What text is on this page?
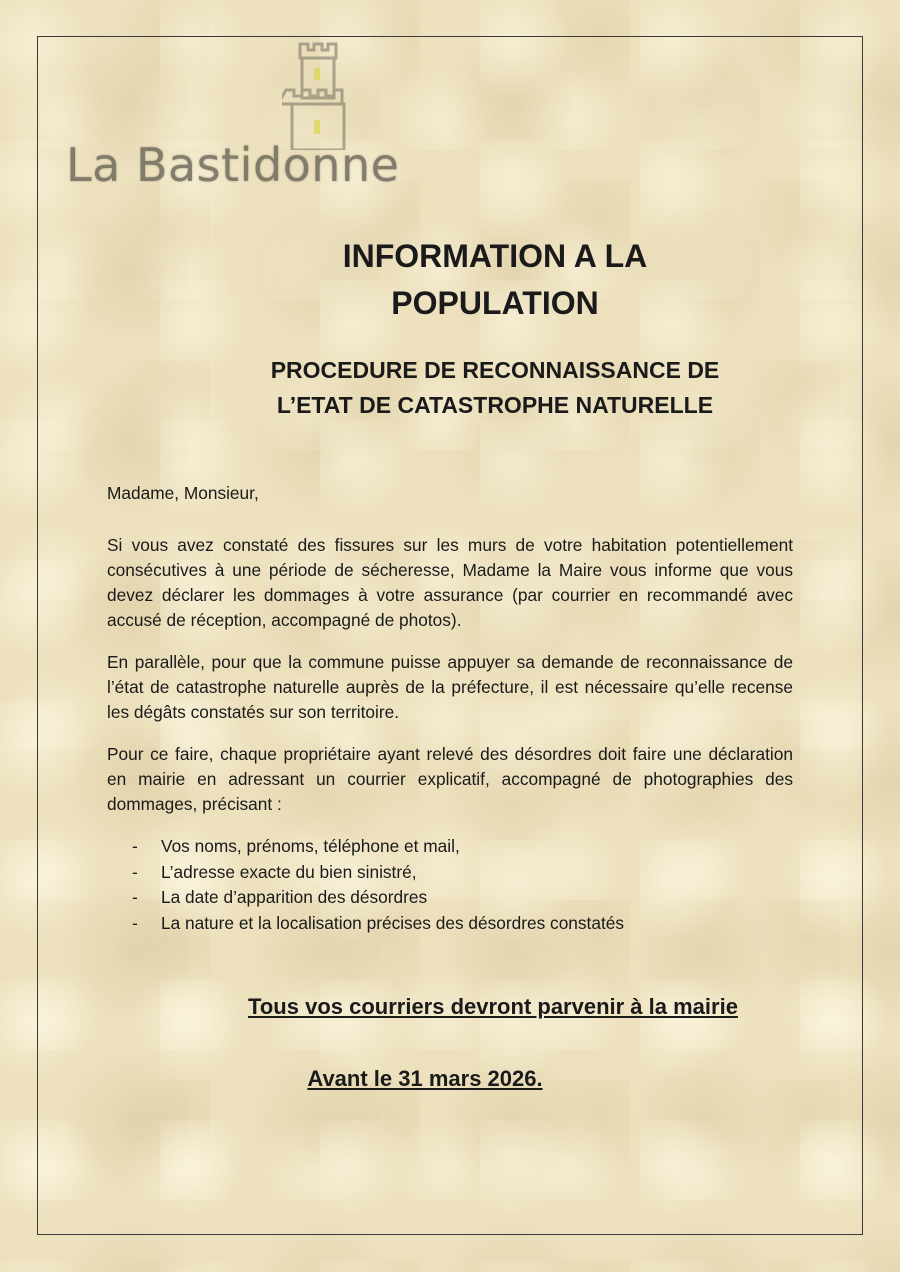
La Bastidonne
INFORMATION A LA
POPULATION
PROCEDURE DE RECONNAISSANCE DE
L’ETAT DE CATASTROPHE NATURELLE

Madame, Monsieur,

Si vous avez constaté des fissures sur les murs de votre habitation potentiellement consécutives à une période de sécheresse, Madame la Maire vous informe que vous devez déclarer les dommages à votre assurance (par courrier en recommandé avec accusé de réception, accompagné de photos).

En parallèle, pour que la commune puisse appuyer sa demande de reconnaissance de l’état de catastrophe naturelle auprès de la préfecture, il est nécessaire qu’elle recense les dégâts constatés sur son territoire.

Pour ce faire, chaque propriétaire ayant relevé des désordres doit faire une déclaration en mairie en adressant un courrier explicatif, accompagné de photographies des dommages, précisant :

- Vos noms, prénoms, téléphone et mail,
- L’adresse exacte du bien sinistré,
- La date d’apparition des désordres
- La nature et la localisation précises des désordres constatés
Tous vos courriers devront parvenir à la mairie
Avant le 31 mars 2026.
